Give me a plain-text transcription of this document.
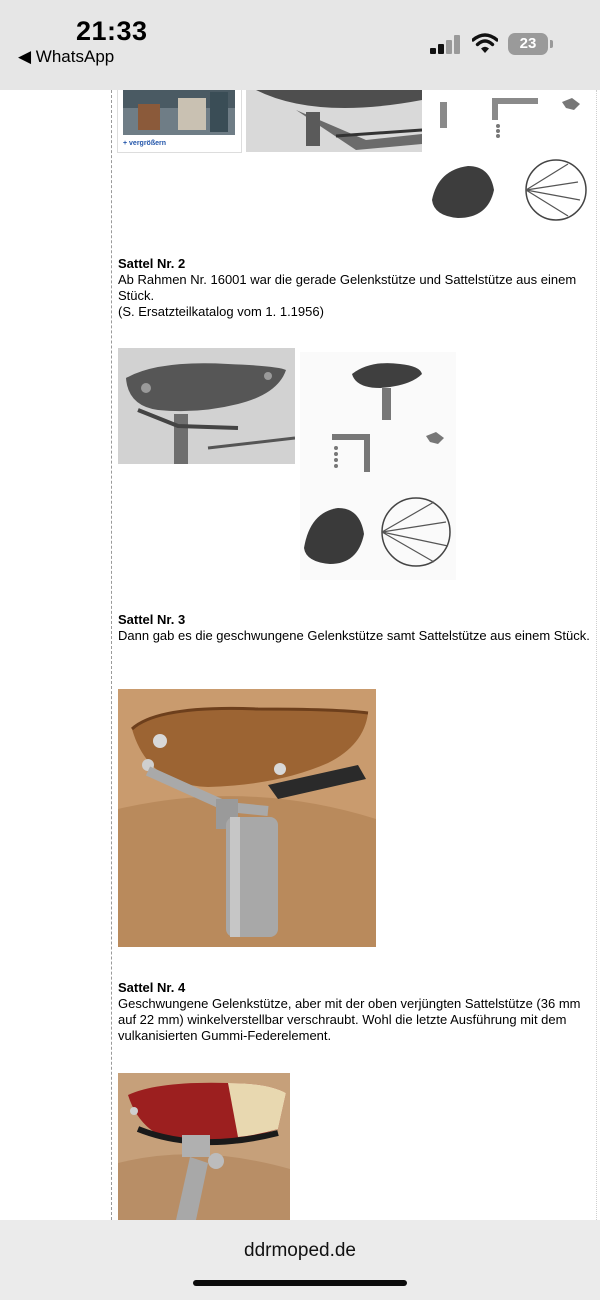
21:33
◀ WhatsApp
23
+ vergrößern
Sattel Nr. 2
Ab Rahmen Nr. 16001 war die gerade Gelenkstütze und Sattelstütze aus einem Stück.
(S. Ersatzteilkatalog vom 1. 1.1956)
Sattel Nr. 3
Dann gab es die geschwungene Gelenkstütze samt Sattelstütze aus einem Stück.
Sattel Nr. 4
Geschwungene Gelenkstütze, aber mit der oben verjüngten Sattelstütze (36 mm auf 22 mm) winkelverstellbar verschraubt. Wohl die letzte Ausführung mit dem vulkanisierten Gummi-Federelement.
ddrmoped.de
